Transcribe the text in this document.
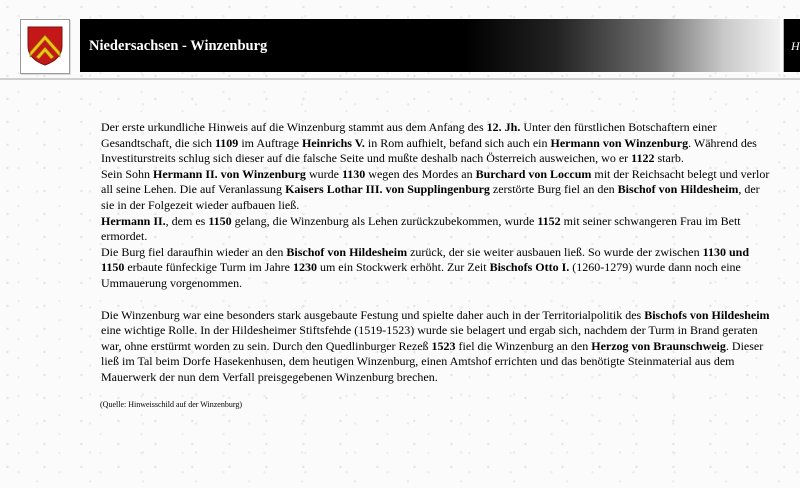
Niedersachsen - Winzenburg	H

Der erste urkundliche Hinweis auf die Winzenburg stammt aus dem Anfang des 12. Jh. Unter den fürstlichen Botschaftern einer Gesandtschaft, die sich 1109 im Auftrage Heinrichs V. in Rom aufhielt, befand sich auch ein Hermann von Winzenburg. Während des Investiturstreits schlug sich dieser auf die falsche Seite und mußte deshalb nach Österreich ausweichen, wo er 1122 starb.

Sein Sohn Hermann II. von Winzenburg wurde 1130 wegen des Mordes an Burchard von Loccum mit der Reichsacht belegt und verlor all seine Lehen. Die auf Veranlassung Kaisers Lothar III. von Supplingenburg zerstörte Burg fiel an den Bischof von Hildesheim, der sie in der Folgezeit wieder aufbauen ließ.

Hermann II., dem es 1150 gelang, die Winzenburg als Lehen zurückzubekommen, wurde 1152 mit seiner schwangeren Frau im Bett ermordet.

Die Burg fiel daraufhin wieder an den Bischof von Hildesheim zurück, der sie weiter ausbauen ließ. So wurde der zwischen 1130 und 1150 erbaute fünfeckige Turm im Jahre 1230 um ein Stockwerk erhöht. Zur Zeit Bischofs Otto I. (1260-1279) wurde dann noch eine Ummauerung vorgenommen.

Die Winzenburg war eine besonders stark ausgebaute Festung und spielte daher auch in der Territorialpolitik des Bischofs von Hildesheim eine wichtige Rolle. In der Hildesheimer Stiftsfehde (1519-1523) wurde sie belagert und ergab sich, nachdem der Turm in Brand geraten war, ohne erstürmt worden zu sein. Durch den Quedlinburger Rezeß 1523 fiel die Winzenburg an den Herzog von Braunschweig. Dieser ließ im Tal beim Dorfe Hasekenhusen, dem heutigen Winzenburg, einen Amtshof errichten und das benötigte Steinmaterial aus dem Mauerwerk der nun dem Verfall preisgegebenen Winzenburg brechen.

(Quelle: Hinweisschild auf der Winzenburg)
